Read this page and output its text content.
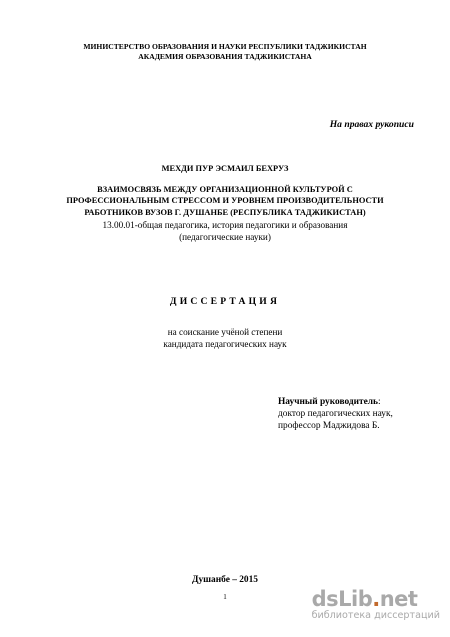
МИНИСТЕРСТВО ОБРАЗОВАНИЯ И НАУКИ РЕСПУБЛИКИ ТАДЖИКИСТАН
АКАДЕМИЯ ОБРАЗОВАНИЯ ТАДЖИКИСТАНА
На правах рукописи
МЕХДИ ПУР ЭСМАИЛ БЕХРУЗ
ВЗАИМОСВЯЗЬ МЕЖДУ ОРГАНИЗАЦИОННОЙ КУЛЬТУРОЙ С
ПРОФЕССИОНАЛЬНЫМ СТРЕССОМ И УРОВНЕМ ПРОИЗВОДИТЕЛЬНОСТИ
РАБОТНИКОВ ВУЗОВ Г. ДУШАНБЕ (РЕСПУБЛИКА ТАДЖИКИСТАН)
13.00.01-общая педагогика, история педагогики и образования
(педагогические науки)
ДИССЕРТАЦИЯ
на соискание учёной степени
кандидата педагогических наук
Научный руководитель:
доктор педагогических наук,
профессор Маджидова Б.
Душанбе – 2015
1	dsLib.net
библиотека диссертаций
